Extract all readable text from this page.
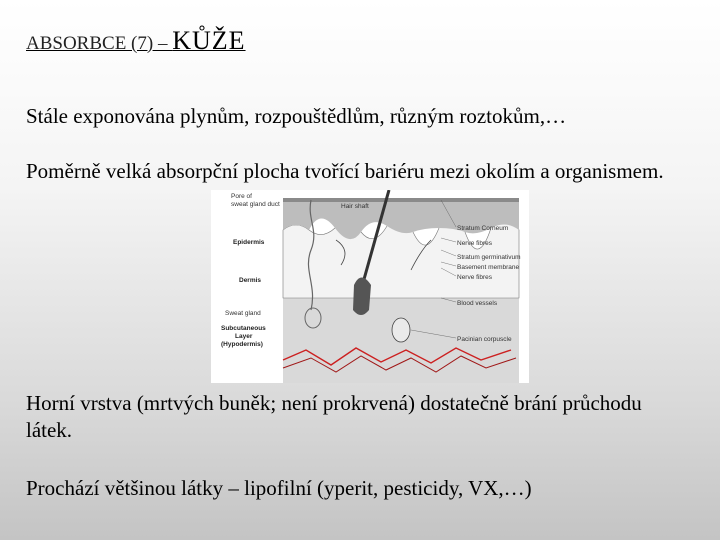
ABSORBCE (7) – KŮŽE
Stále exponována plynům, rozpouštědlům, různým roztokům,…
Poměrně velká absorpční plocha tvořící bariéru mezi okolím a organismem.
Pore of
sweat gland duct
Epidermis
Dermis
Sweat gland
Subcutaneous
Layer
(Hypodermis)
Hair shaft
Stratum Corneum
Nerve fibres
Stratum germinativum
Basement membrane
Nerve fibres
Blood vessels
Pacinian corpuscle
Horní vrstva (mrtvých buněk; není prokrvená) dostatečně brání průchodu látek.
Prochází většinou látky – lipofilní (yperit, pesticidy, VX,…)
